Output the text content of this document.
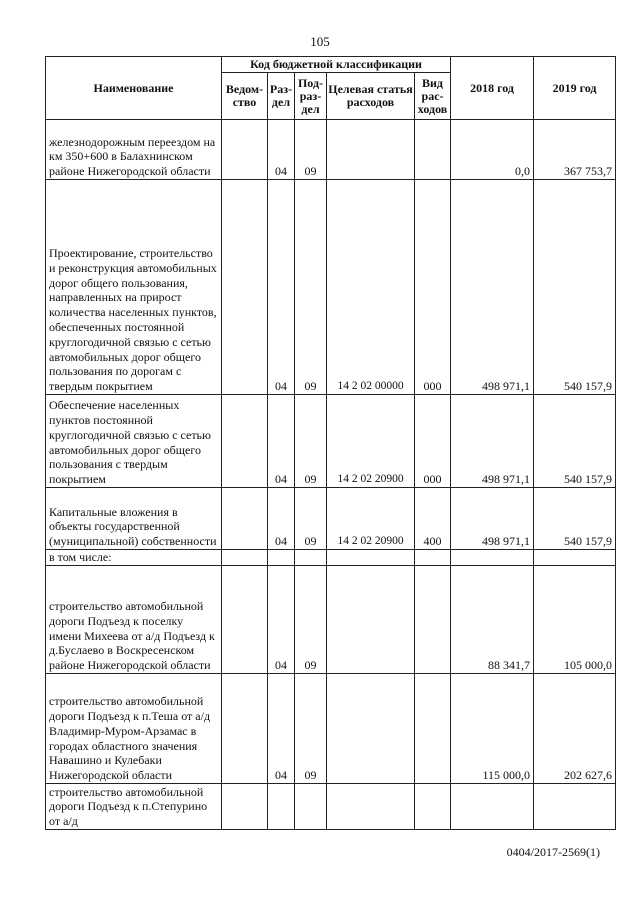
105
Наименование	Код бюджетной классификации					2018 год	2019 год
	Ведом-ство	Раз-дел	Под-раз-дел	Целевая статья расходов	Вид рас-ходов		
железнодорожным переездом на км 350+600 в Балахнинском районе Нижегородской области		04	09			0,0	367 753,7
Проектирование, строительство и реконструкция автомобильных дорог общего пользования, направленных на прирост количества населенных пунктов, обеспеченных постоянной круглогодичной связью с сетью автомобильных дорог общего пользования по дорогам с твердым покрытием		04	09	14 2 02 00000	000	498 971,1	540 157,9
Обеспечение населенных пунктов постоянной круглогодичной связью с сетью автомобильных дорог общего пользования с твердым покрытием		04	09	14 2 02 20900	000	498 971,1	540 157,9
Капитальные вложения в объекты государственной (муниципальной) собственности		04	09	14 2 02 20900	400	498 971,1	540 157,9
в том числе:							
строительство автомобильной дороги Подъезд к поселку имени Михеева от а/д Подъезд к д.Буслаево в Воскресенском районе Нижегородской области		04	09			88 341,7	105 000,0
строительство автомобильной дороги Подъезд к п.Теша от а/д Владимир-Муром-Арзамас в городах областного значения Навашино и Кулебаки Нижегородской области		04	09			115 000,0	202 627,6
строительство автомобильной дороги Подъезд к п.Степурино от а/д							
0404/2017-2569(1)
